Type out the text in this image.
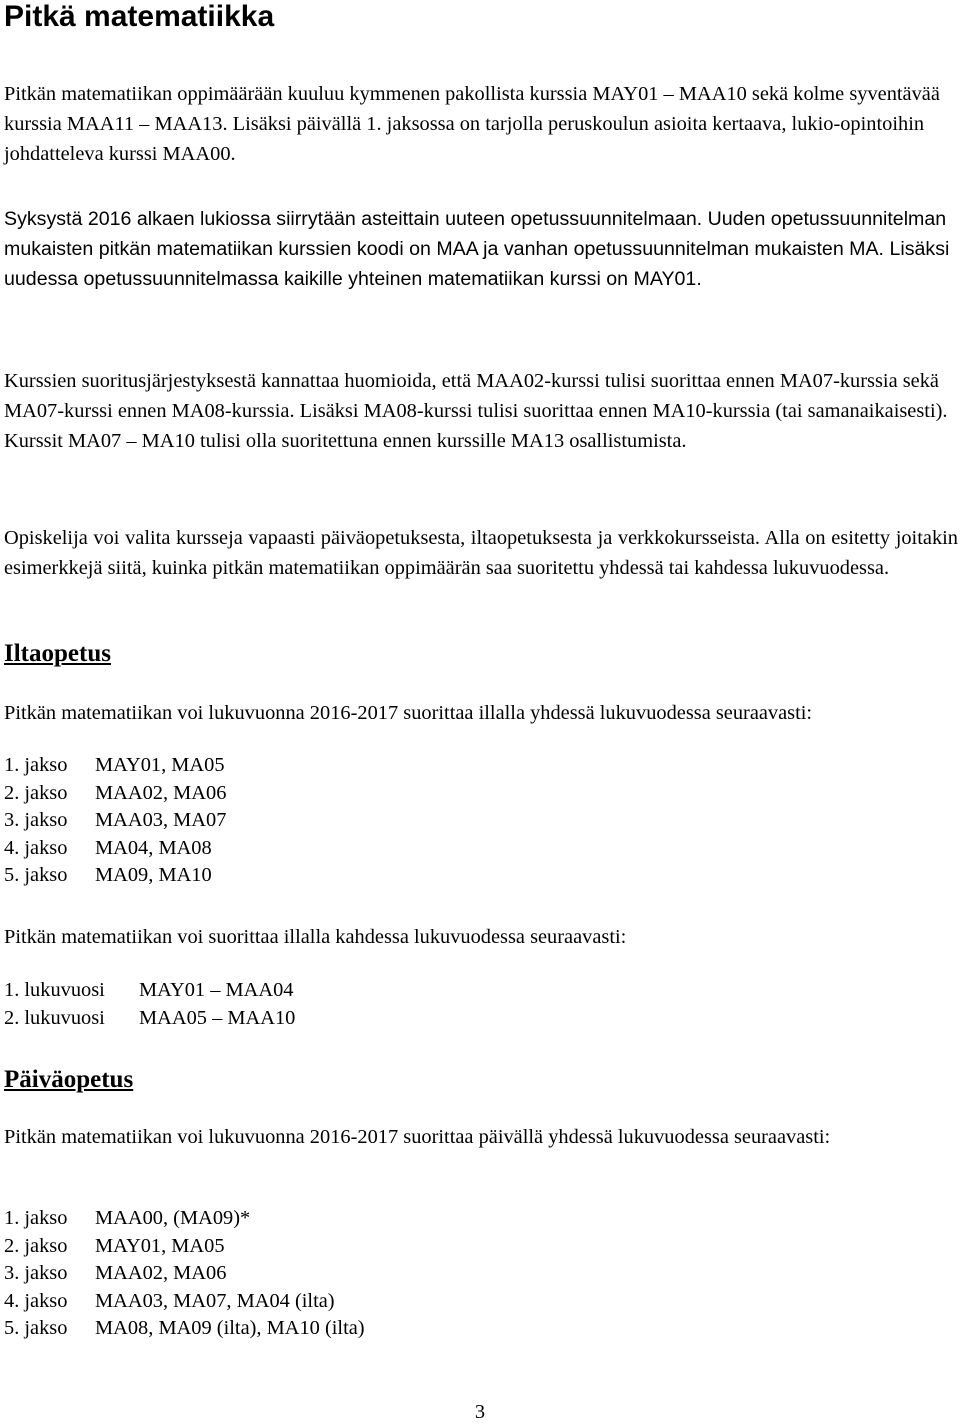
Pitkä matematiikka

Pitkän matematiikan oppimäärään kuuluu kymmenen pakollista kurssia MAY01 – MAA10 sekä kolme syventävää kurssia MAA11 – MAA13. Lisäksi päivällä 1. jaksossa on tarjolla peruskoulun asioita kertaava, lukio-opintoihin johdatteleva kurssi MAA00.

Syksystä 2016 alkaen lukiossa siirrytään asteittain uuteen opetussuunnitelmaan. Uuden opetussuunnitelman mukaisten pitkän matematiikan kurssien koodi on MAA ja vanhan opetussuunnitelman mukaisten MA. Lisäksi uudessa opetussuunnitelmassa kaikille yhteinen matematiikan kurssi on MAY01.

Kurssien suoritusjärjestyksestä kannattaa huomioida, että MAA02-kurssi tulisi suorittaa ennen MA07-kurssia sekä MA07-kurssi ennen MA08-kurssia. Lisäksi MA08-kurssi tulisi suorittaa ennen MA10-kurssia (tai samanaikaisesti). Kurssit MA07 – MA10 tulisi olla suoritettuna ennen kurssille MA13 osallistumista.

Opiskelija voi valita kursseja vapaasti päiväopetuksesta, iltaopetuksesta ja verkkokursseista. Alla on esitetty joitakin esimerkkejä siitä, kuinka pitkän matematiikan oppimäärän saa suoritettu yhdessä tai kahdessa lukuvuodessa.

Iltaopetus

Pitkän matematiikan voi lukuvuonna 2016-2017 suorittaa illalla yhdessä lukuvuodessa seuraavasti:

1. jakso MAY01, MA05
2. jakso MAA02, MA06
3. jakso MAA03, MA07
4. jakso MA04, MA08
5. jakso MA09, MA10

Pitkän matematiikan voi suorittaa illalla kahdessa lukuvuodessa seuraavasti:

1. lukuvuosi MAY01 – MAA04
2. lukuvuosi MAA05 – MAA10
Päiväopetus

Pitkän matematiikan voi lukuvuonna 2016-2017 suorittaa päivällä yhdessä lukuvuodessa seuraavasti:

1. jakso MAA00, (MA09)*
2. jakso MAY01, MA05
3. jakso MAA02, MA06
4. jakso MAA03, MA07, MA04 (ilta)
5. jakso MA08, MA09 (ilta), MA10 (ilta)
3
